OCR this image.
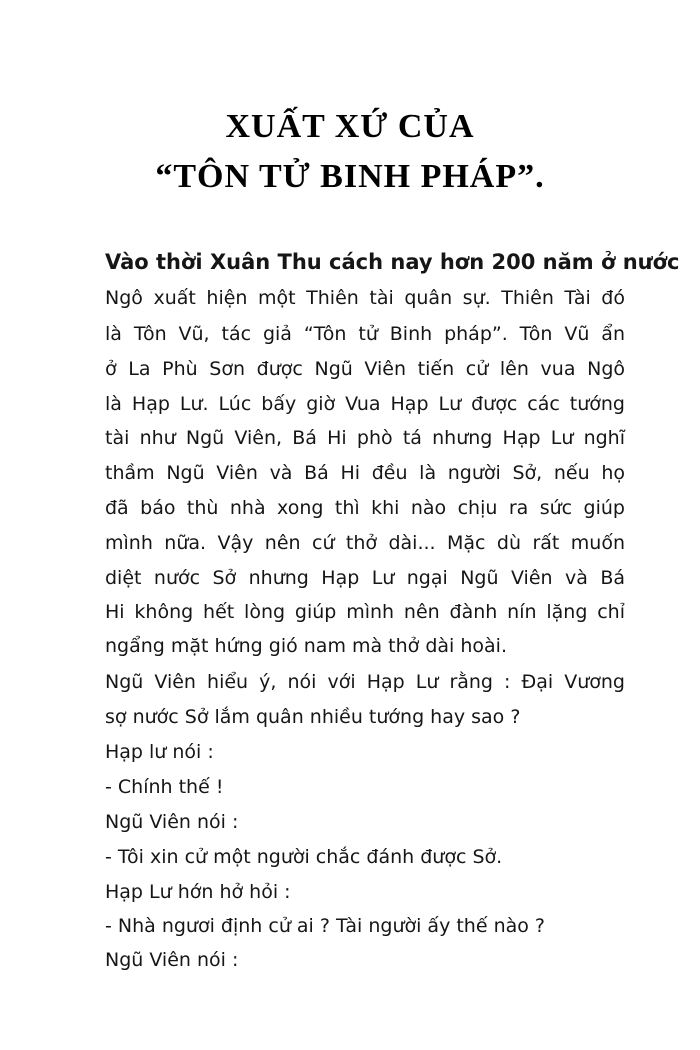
XUẤT XỨ CỦA
“TÔN TỬ BINH PHÁP”.
Vào thời Xuân Thu cách nay hơn 200 năm ở nước
Ngô xuất hiện một Thiên tài quân sự. Thiên Tài đó
là Tôn Vũ, tác giả “Tôn tử Binh pháp”. Tôn Vũ ẩn
ở La Phù Sơn được Ngũ Viên tiến cử lên vua Ngô
là Hạp Lư. Lúc bấy giờ Vua Hạp Lư được các tướng
tài như Ngũ Viên, Bá Hi phò tá nhưng Hạp Lư nghĩ
thầm Ngũ Viên và Bá Hi đều là người Sở, nếu họ
đã báo thù nhà xong thì khi nào chịu ra sức giúp
mình nữa. Vậy nên cứ thở dài... Mặc dù rất muốn
diệt nước Sở nhưng Hạp Lư ngại Ngũ Viên và Bá
Hi không hết lòng giúp mình nên đành nín lặng chỉ
ngẩng mặt hứng gió nam mà thở dài hoài.
Ngũ Viên hiểu ý, nói với Hạp Lư rằng : Đại Vương
sợ nước Sở lắm quân nhiều tướng hay sao ?
Hạp lư nói :
- Chính thế !
Ngũ Viên nói :
- Tôi xin cử một người chắc đánh được Sở.
Hạp Lư hớn hở hỏi :
- Nhà ngươi định cử ai ? Tài người ấy thế nào ?
Ngũ Viên nói :
